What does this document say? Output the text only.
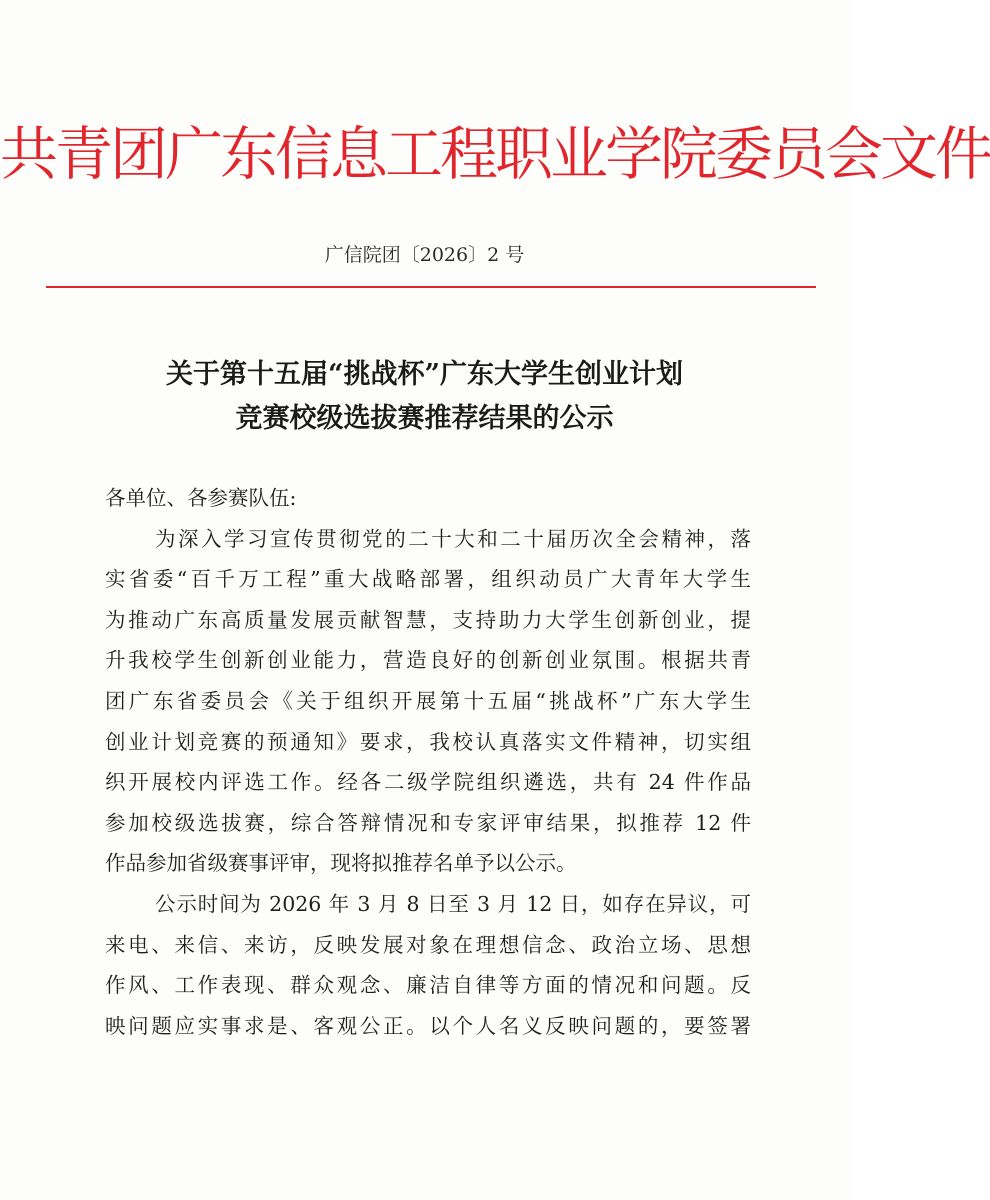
共青团广东信息工程职业学院委员会文件
广信院团〔2026〕2 号
关于第十五届“挑战杯”广东大学生创业计划
竞赛校级选拔赛推荐结果的公示
各单位、各参赛队伍:
为深入学习宣传贯彻党的二十大和二十届历次全会精神，落
实省委“百千万工程”重大战略部署，组织动员广大青年大学生
为推动广东高质量发展贡献智慧，支持助力大学生创新创业，提
升我校学生创新创业能力，营造良好的创新创业氛围。根据共青
团广东省委员会《关于组织开展第十五届“挑战杯”广东大学生
创业计划竞赛的预通知》要求，我校认真落实文件精神，切实组
织开展校内评选工作。经各二级学院组织遴选，共有 24 件作品
参加校级选拔赛，综合答辩情况和专家评审结果，拟推荐 12 件
作品参加省级赛事评审，现将拟推荐名单予以公示。
公示时间为 2026 年 3 月 8 日至 3 月 12 日，如存在异议，可
来电、来信、来访，反映发展对象在理想信念、政治立场、思想
作风、工作表现、群众观念、廉洁自律等方面的情况和问题。反
映问题应实事求是、客观公正。以个人名义反映问题的，要签署
